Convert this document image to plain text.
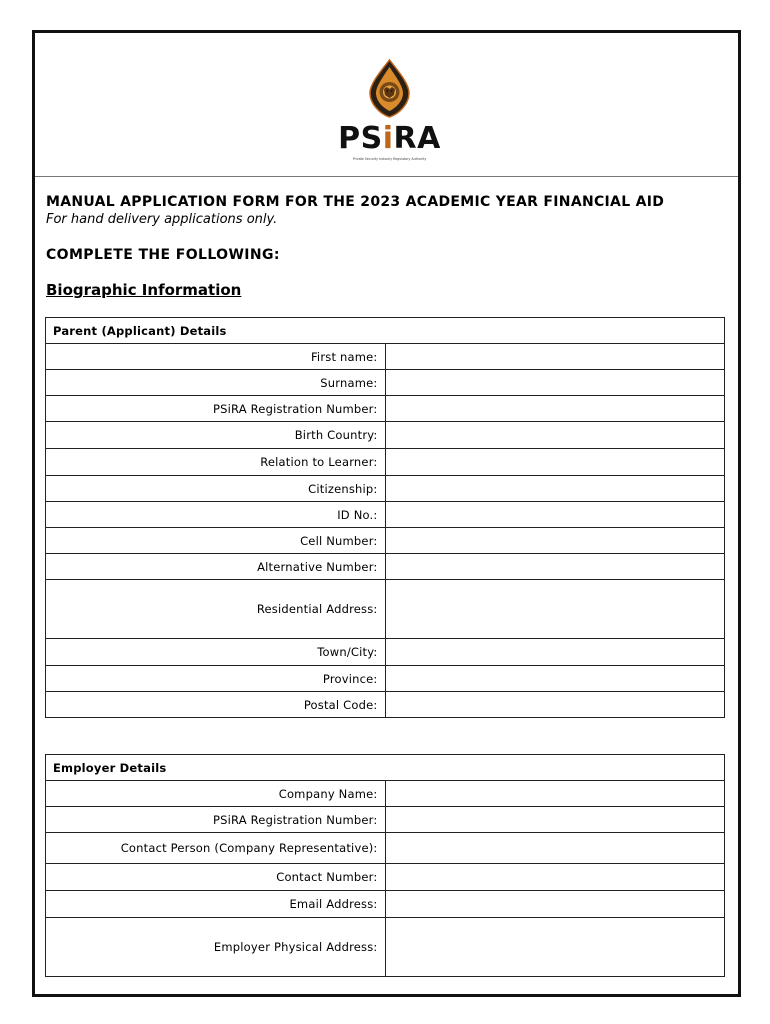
PSiRA
Private Security Industry Regulatory Authority
MANUAL APPLICATION FORM FOR THE 2023 ACADEMIC YEAR FINANCIAL AID
For hand delivery applications only.
COMPLETE THE FOLLOWING:
Biographic Information
Parent (Applicant) Details	
First name:	
Surname:	
PSiRA Registration Number:	
Birth Country:	
Relation to Learner:	
Citizenship:	
ID No.:	
Cell Number:	
Alternative Number:	
Residential Address:	
Town/City:	
Province:	
Postal Code:	
Employer Details	
Company Name:	
PSiRA Registration Number:	
Contact Person (Company Representative):	
Contact Number:	
Email Address:	
Employer Physical Address:	
